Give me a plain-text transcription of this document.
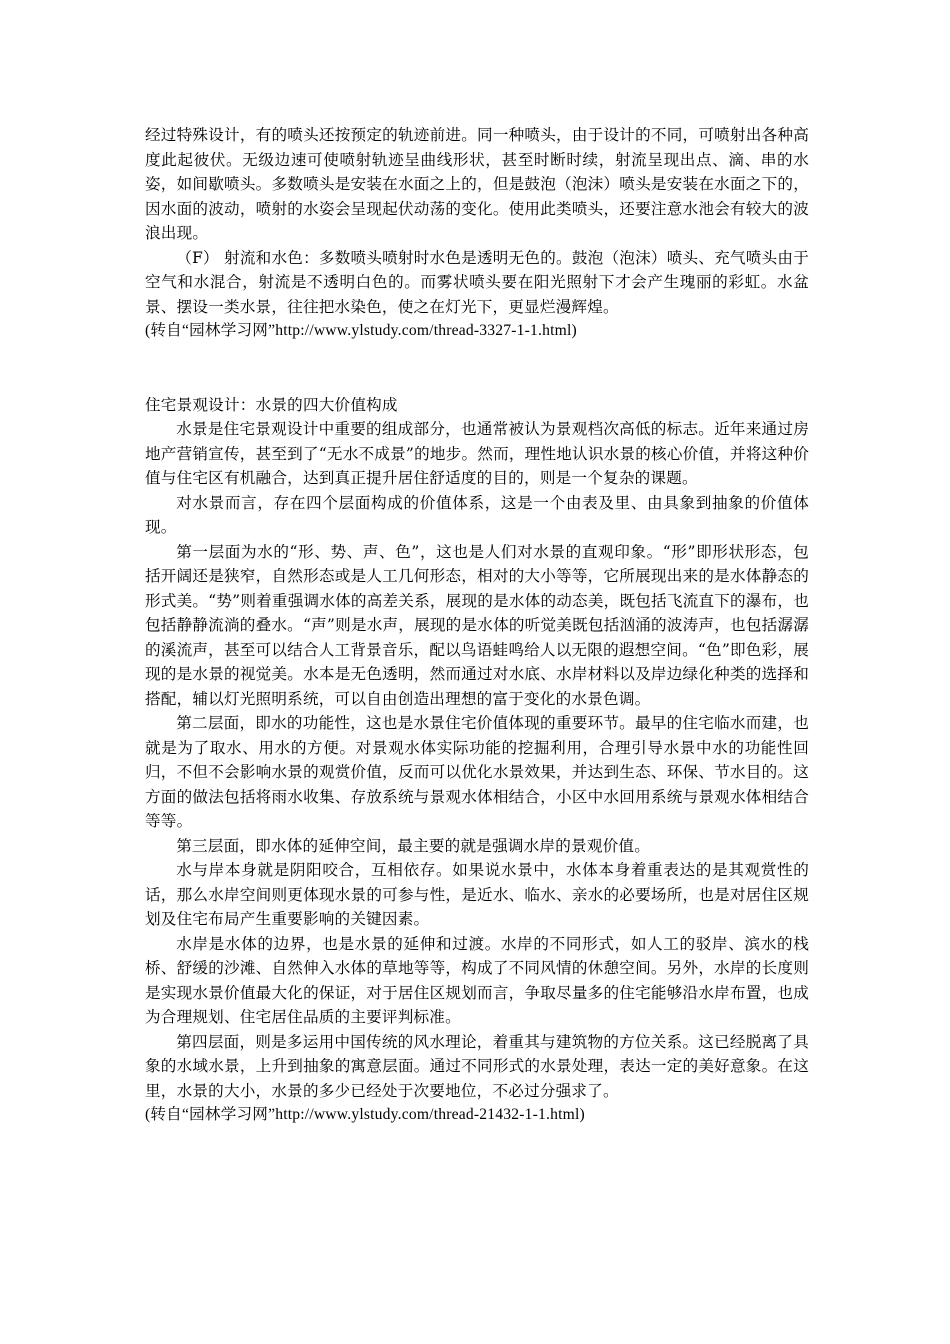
经过特殊设计，有的喷头还按预定的轨迹前进。同一种喷头，由于设计的不同，可喷射出各种高度此起彼伏。无级边速可使喷射轨迹呈曲线形状，甚至时断时续，射流呈现出点、滴、串的水姿，如间歇喷头。多数喷头是安装在水面之上的，但是鼓泡（泡沫）喷头是安装在水面之下的，因水面的波动，喷射的水姿会呈现起伏动荡的变化。使用此类喷头，还要注意水池会有较大的波浪出现。

（F） 射流和水色：多数喷头喷射时水色是透明无色的。鼓泡（泡沫）喷头、充气喷头由于空气和水混合，射流是不透明白色的。而雾状喷头要在阳光照射下才会产生瑰丽的彩虹。水盆景、摆设一类水景，往往把水染色，使之在灯光下，更显烂漫辉煌。

(转自“园林学习网”http://www.ylstudy.com/thread-3327-1-1.html)

住宅景观设计：水景的四大价值构成

水景是住宅景观设计中重要的组成部分，也通常被认为景观档次高低的标志。近年来通过房地产营销宣传，甚至到了“无水不成景”的地步。然而，理性地认识水景的核心价值，并将这种价值与住宅区有机融合，达到真正提升居住舒适度的目的，则是一个复杂的课题。

对水景而言，存在四个层面构成的价值体系，这是一个由表及里、由具象到抽象的价值体现。

第一层面为水的“形、势、声、色”，这也是人们对水景的直观印象。“形”即形状形态，包括开阔还是狭窄，自然形态或是人工几何形态，相对的大小等等，它所展现出来的是水体静态的形式美。“势”则着重强调水体的高差关系，展现的是水体的动态美，既包括飞流直下的瀑布，也包括静静流淌的叠水。“声”则是水声，展现的是水体的听觉美既包括汹涌的波涛声，也包括潺潺的溪流声，甚至可以结合人工背景音乐，配以鸟语蛙鸣给人以无限的遐想空间。“色”即色彩，展现的是水景的视觉美。水本是无色透明，然而通过对水底、水岸材料以及岸边绿化种类的选择和搭配，辅以灯光照明系统，可以自由创造出理想的富于变化的水景色调。

第二层面，即水的功能性，这也是水景住宅价值体现的重要环节。最早的住宅临水而建，也就是为了取水、用水的方便。对景观水体实际功能的挖掘利用，合理引导水景中水的功能性回归，不但不会影响水景的观赏价值，反而可以优化水景效果，并达到生态、环保、节水目的。这方面的做法包括将雨水收集、存放系统与景观水体相结合，小区中水回用系统与景观水体相结合等等。

第三层面，即水体的延伸空间，最主要的就是强调水岸的景观价值。

水与岸本身就是阴阳咬合，互相依存。如果说水景中，水体本身着重表达的是其观赏性的话，那么水岸空间则更体现水景的可参与性，是近水、临水、亲水的必要场所，也是对居住区规划及住宅布局产生重要影响的关键因素。

水岸是水体的边界，也是水景的延伸和过渡。水岸的不同形式，如人工的驳岸、滨水的栈桥、舒缓的沙滩、自然伸入水体的草地等等，构成了不同风情的休憩空间。另外，水岸的长度则是实现水景价值最大化的保证，对于居住区规划而言，争取尽量多的住宅能够沿水岸布置，也成为合理规划、住宅居住品质的主要评判标准。

第四层面，则是多运用中国传统的风水理论，着重其与建筑物的方位关系。这已经脱离了具象的水域水景，上升到抽象的寓意层面。通过不同形式的水景处理，表达一定的美好意象。在这里，水景的大小，水景的多少已经处于次要地位，不必过分强求了。

(转自“园林学习网”http://www.ylstudy.com/thread-21432-1-1.html)
